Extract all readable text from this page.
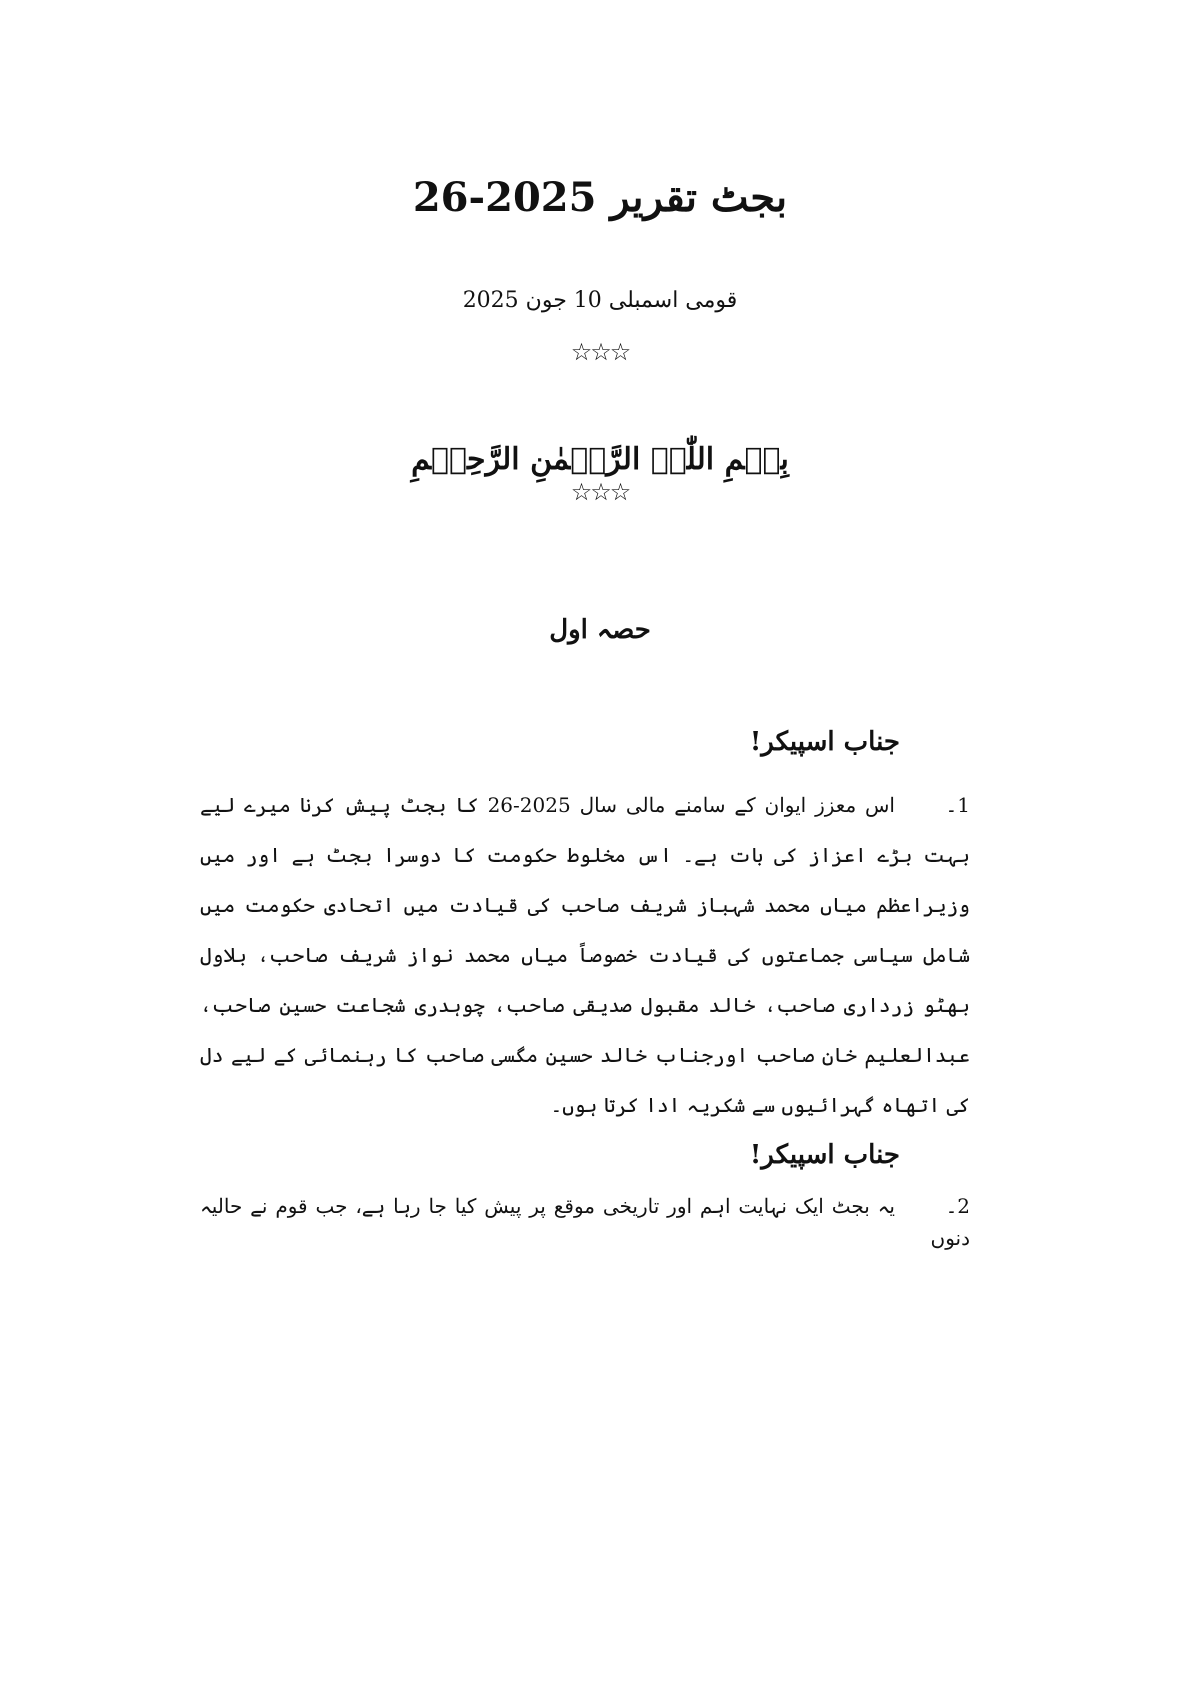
بجٹ تقریر 2025-26
قومی اسمبلی 10 جون 2025
☆☆☆
بِسۡمِ اللّٰہِ الرَّحۡمٰنِ الرَّحِیۡمِ
☆☆☆
حصہ اول
جناب اسپیکر!
1۔اس معزز ایوان کے سامنے مالی سال 2025-26 کا بجٹ پیش کرنا میرے لیے بہت بڑے اعزاز کی بات ہے۔ اس مخلوط حکومت کا دوسرا بجٹ ہے اور میں وزیراعظم میاں محمد شہباز شریف صاحب کی قیادت میں اتحادی حکومت میں شامل سیاسی جماعتوں کی قیادت خصوصاً میاں محمد نواز شریف صاحب، بلاول بھٹو زرداری صاحب، خالد مقبول صدیقی صاحب، چوہدری شجاعت حسین صاحب، عبدالعلیم خان صاحب اورجناب خالد حسین مگسی صاحب کا رہنمائی کے لیے دل کی اتھاہ گہرائیوں سے شکریہ ادا کرتا ہوں۔
جناب اسپیکر!
2۔یہ بجٹ ایک نہایت اہم اور تاریخی موقع پر پیش کیا جا رہا ہے، جب قوم نے حالیہ دنوں
